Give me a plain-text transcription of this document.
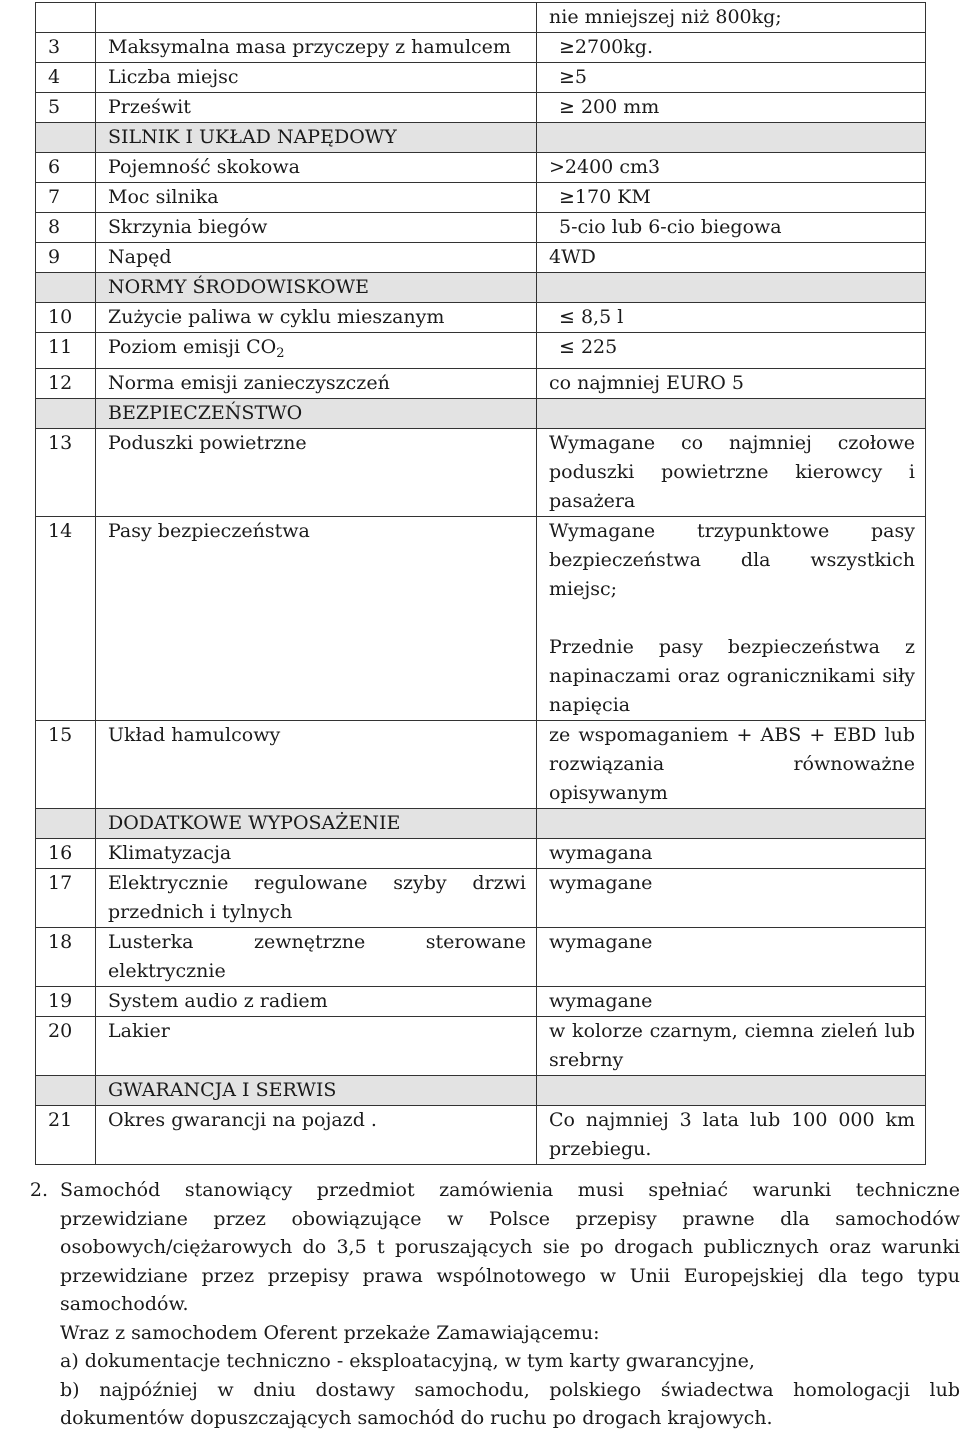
		nie mniejszej niż 800kg;
3	Maksymalna masa przyczepy z hamulcem	≥2700kg.
4	Liczba miejsc	≥5
5	Prześwit	≥ 200 mm
	SILNIK I UKŁAD NAPĘDOWY	
6	Pojemność skokowa	>2400 cm3
7	Moc silnika	≥170 KM
8	Skrzynia biegów	5-cio lub 6-cio biegowa
9	Napęd	4WD
	NORMY ŚRODOWISKOWE	
10	Zużycie paliwa w cyklu mieszanym	≤ 8,5 l
11	Poziom emisji $CO_2$	≤ 225
12	Norma emisji zanieczyszczeń	co najmniej EURO 5
	BEZPIECZEŃSTWO	
13	Poduszki powietrzne	Wymagane co najmniej czołowe poduszki powietrzne kierowcy i pasażera
14	Pasy bezpieczeństwa	Wymagane trzypunktowe pasy bezpieczeństwa dla wszystkich miejsc;
Przednie pasy bezpieczeństwa z napinaczami oraz ogranicznikami siły napięcia

15	Układ hamulcowy	ze wspomaganiem + ABS + EBD lub rozwiązania równoważne opisywanym
	DODATKOWE WYPOSAŻENIE	
16	Klimatyzacja	wymagana
17	Elektrycznie regulowane szyby drzwi przednich i tylnych	wymagane
18	Lusterka zewnętrzne sterowane elektrycznie	wymagane
19	System audio z radiem	wymagane
20	Lakier	w kolorze czarnym, ciemna zieleń lub srebrny
	GWARANCJA I SERWIS	
21	Okres gwarancji na pojazd .	Co najmniej 3 lata lub 100 000 km przebiegu.

2. Samochód stanowiący przedmiot zamówienia musi spełniać warunki techniczne przewidziane przez obowiązujące w Polsce przepisy prawne dla samochodów osobowych/ciężarowych do 3,5 t poruszających sie po drogach publicznych oraz warunki przewidziane przez przepisy prawa wspólnotowego w Unii Europejskiej dla tego typu samochodów.

Wraz z samochodem Oferent przekaże Zamawiającemu:

a) dokumentacje techniczno - eksploatacyjną, w tym karty gwarancyjne,

b) najpóźniej w dniu dostawy samochodu, polskiego świadectwa homologacji lub dokumentów dopuszczających samochód do ruchu po drogach krajowych.
